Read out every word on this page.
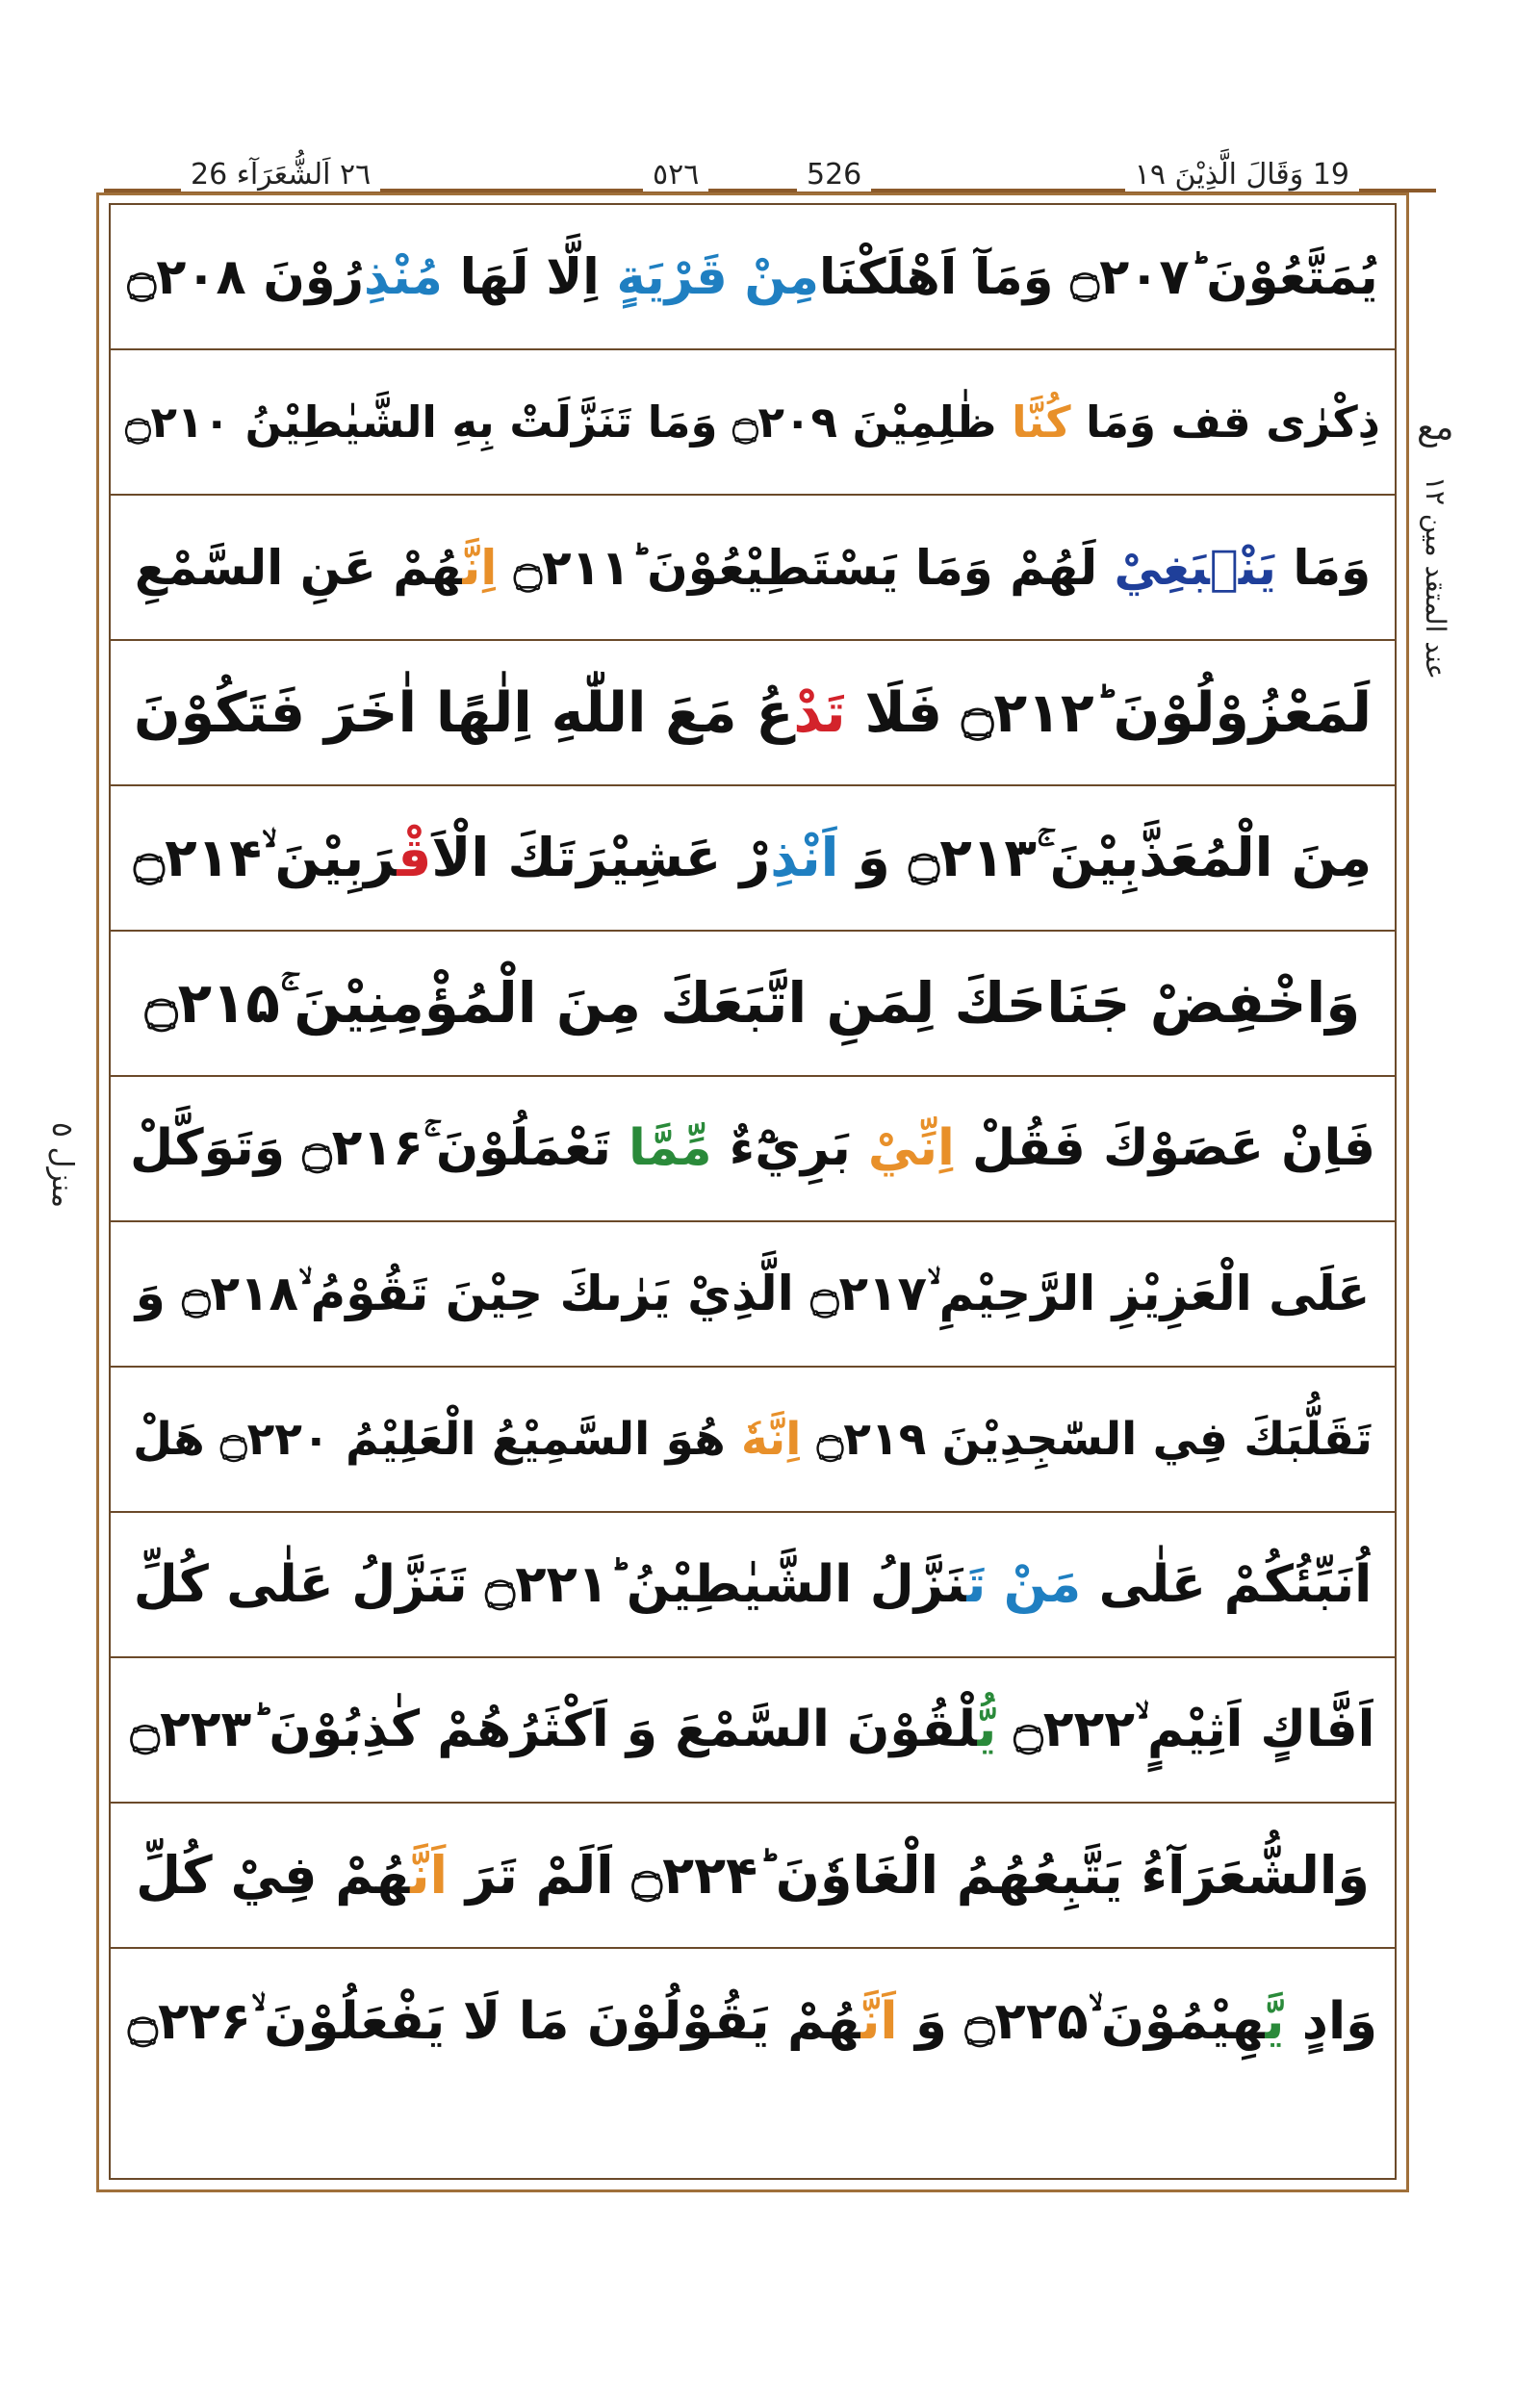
٢٦ اَلشُّعَرَآء 26	٥٢٦	526	19 وَقَالَ الَّذِيْنَ ١٩
يُمَتَّعُوْنَ ؕ۝۲۰۷ وَمَآ اَهْلَكْنَامِنْ قَرْيَةٍ اِلَّا لَهَا مُنْذِرُوْنَ ۝۲۰۸
ذِكْرٰى قف وَمَا كُنَّا ظٰلِمِيْنَ ۝۲۰۹ وَمَا تَنَزَّلَتْ بِهِ الشَّيٰطِيْنُ ۝۲۱۰
وَمَا يَنْۢبَغِيْ لَهُمْ وَمَا يَسْتَطِيْعُوْنَ ؕ۝۲۱۱ اِنَّهُمْ عَنِ السَّمْعِ
لَمَعْزُوْلُوْنَ ؕ۝۲۱۲ فَلَا تَدْعُ مَعَ اللّٰهِ اِلٰهًا اٰخَرَ فَتَكُوْنَ
مِنَ الْمُعَذَّبِيْنَ ۚ۝۲۱۳ وَ اَنْذِرْ عَشِيْرَتَكَ الْاَقْرَبِيْنَ ۙ۝۲۱۴
وَاخْفِضْ جَنَاحَكَ لِمَنِ اتَّبَعَكَ مِنَ الْمُؤْمِنِيْنَ ۚ۝۲۱۵
فَاِنْ عَصَوْكَ فَقُلْ اِنِّيْ بَرِيْٓءٌ مِّمَّا تَعْمَلُوْنَ ۚ۝۲۱۶ وَتَوَكَّلْ
عَلَى الْعَزِيْزِ الرَّحِيْمِ ۙ۝۲۱۷ الَّذِيْ يَرٰىكَ حِيْنَ تَقُوْمُ ۙ۝۲۱۸ وَ
تَقَلُّبَكَ فِي السّٰجِدِيْنَ ۝۲۱۹ اِنَّهٗ هُوَ السَّمِيْعُ الْعَلِيْمُ ۝۲۲۰ هَلْ
اُنَبِّئُكُمْ عَلٰى مَنْ تَنَزَّلُ الشَّيٰطِيْنُ ؕ۝۲۲۱ تَنَزَّلُ عَلٰى كُلِّ
اَفَّاكٍ اَثِيْمٍ ۙ۝۲۲۲ يُّلْقُوْنَ السَّمْعَ وَ اَكْثَرُهُمْ كٰذِبُوْنَ ؕ۝۲۲۳
وَالشُّعَرَآءُ يَتَّبِعُهُمُ الْغَاوٗنَ ؕ۝۲۲۴ اَلَمْ تَرَ اَنَّهُمْ فِيْ كُلِّ
وَادٍ يَّهِيْمُوْنَ ۙ۝۲۲۵ وَ اَنَّهُمْ يَقُوْلُوْنَ مَا لَا يَفْعَلُوْنَ ۙ۝۲۲۶
مع
عند المتقد مين ١٢
منزل ٥
